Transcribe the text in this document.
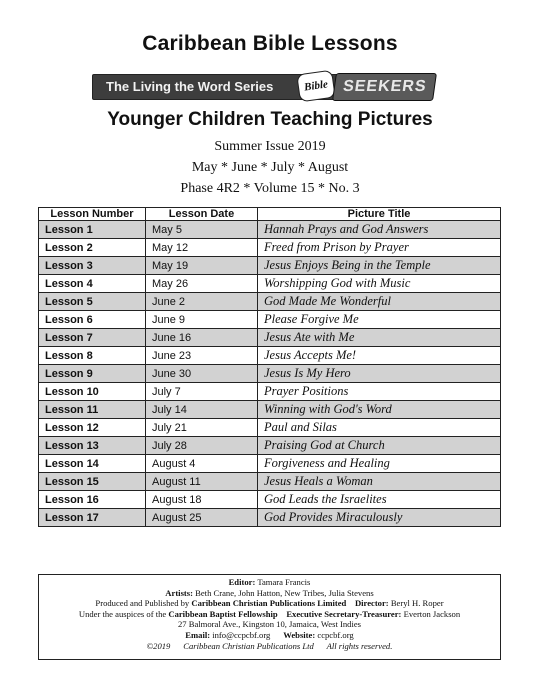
Caribbean Bible Lessons
The Living the Word Series	Bible SEEKERS
Younger Children Teaching Pictures
Summer Issue 2019
May * June * July * August
Phase 4R2 * Volume 15 * No. 3
Lesson Number	Lesson Date	Picture Title
Lesson 1	May 5	Hannah Prays and God Answers
Lesson 2	May 12	Freed from Prison by Prayer
Lesson 3	May 19	Jesus Enjoys Being in the Temple
Lesson 4	May 26	Worshipping God with Music
Lesson 5	June 2	God Made Me Wonderful
Lesson 6	June 9	Please Forgive Me
Lesson 7	June 16	Jesus Ate with Me
Lesson 8	June 23	Jesus Accepts Me!
Lesson 9	June 30	Jesus Is My Hero
Lesson 10	July 7	Prayer Positions
Lesson 11	July 14	Winning with God's Word
Lesson 12	July 21	Paul and Silas
Lesson 13	July 28	Praising God at Church
Lesson 14	August 4	Forgiveness and Healing
Lesson 15	August 11	Jesus Heals a Woman
Lesson 16	August 18	God Leads the Israelites
Lesson 17	August 25	God Provides Miraculously
Editor: Tamara Francis
Artists: Beth Crane, John Hatton, New Tribes, Julia Stevens
Produced and Published by Caribbean Christian Publications Limited Director: Beryl H. Roper
Under the auspices of the Caribbean Baptist Fellowship Executive Secretary-Treasurer: Everton Jackson
27 Balmoral Ave., Kingston 10, Jamaica, West Indies
Email: info@ccpcbf.org Website: ccpcbf.org
©2019 Caribbean Christian Publications Ltd All rights reserved.
